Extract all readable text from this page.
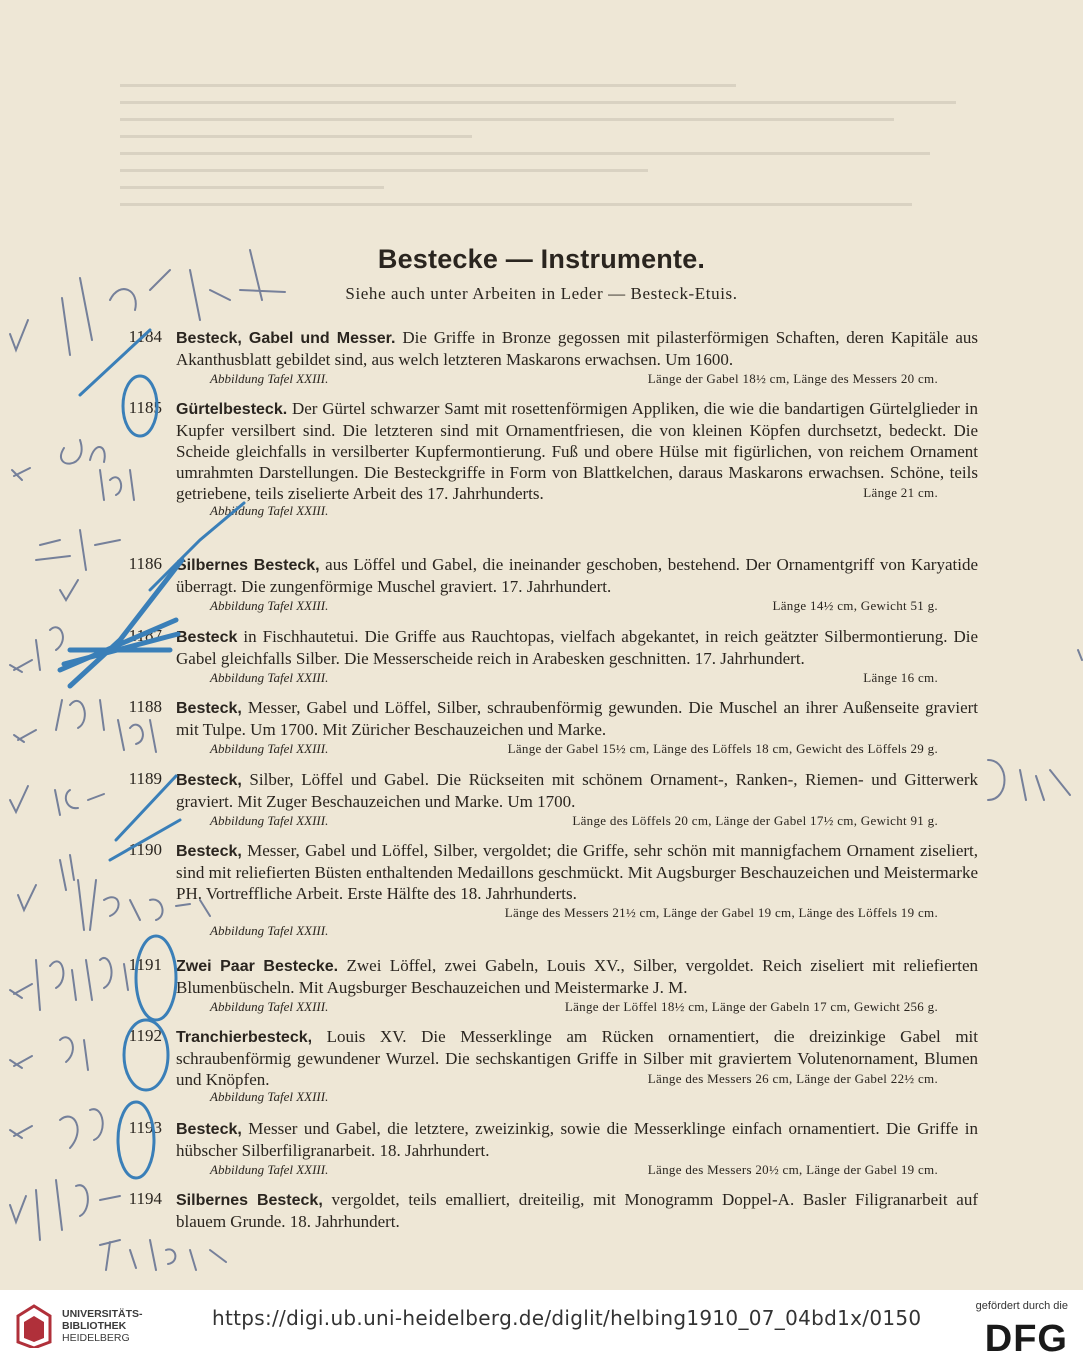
Bestecke — Instrumente.
Siehe auch unter Arbeiten in Leder — Besteck-Etuis.
1184 Besteck, Gabel und Messer. Die Griffe in Bronze gegossen mit pilasterförmigen Schaften, deren Kapitäle aus Akanthusblatt gebildet sind, aus welch letzteren Maskarons erwachsen. Um 1600.
Abbildung Tafel XXIII.	Länge der Gabel 18½ cm, Länge des Messers 20 cm.
1185 Gürtelbesteck. Der Gürtel schwarzer Samt mit rosettenförmigen Appliken, die wie die bandartigen Gürtelglieder in Kupfer versilbert sind. Die letzteren sind mit Ornamentfriesen, die von kleinen Köpfen durchsetzt, bedeckt. Die Scheide gleichfalls in versilberter Kupfermontierung. Fuß und obere Hülse mit figürlichen, von reichem Ornament umrahmten Darstellungen. Die Besteckgriffe in Form von Blattkelchen, daraus Maskarons erwachsen. Schöne, teils getriebene, teils ziselierte Arbeit des 17. Jahrhunderts.	Länge 21 cm.
Abbildung Tafel XXIII.
1186 Silbernes Besteck, aus Löffel und Gabel, die ineinander geschoben, bestehend. Der Ornamentgriff von Karyatide überragt. Die zungenförmige Muschel graviert. 17. Jahrhundert.
Abbildung Tafel XXIII.	Länge 14½ cm, Gewicht 51 g.
1187 Besteck in Fischhautetui. Die Griffe aus Rauchtopas, vielfach abgekantet, in reich geätzter Silbermontierung. Die Gabel gleichfalls Silber. Die Messerscheide reich in Arabesken geschnitten. 17. Jahrhundert.
Abbildung Tafel XXIII.	Länge 16 cm.
1188 Besteck, Messer, Gabel und Löffel, Silber, schraubenförmig gewunden. Die Muschel an ihrer Außenseite graviert mit Tulpe. Um 1700. Mit Züricher Beschauzeichen und Marke.
Abbildung Tafel XXIII.	Länge der Gabel 15½ cm, Länge des Löffels 18 cm, Gewicht des Löffels 29 g.
1189 Besteck, Silber, Löffel und Gabel. Die Rückseiten mit schönem Ornament-, Ranken-, Riemen- und Gitterwerk graviert. Mit Zuger Beschauzeichen und Marke. Um 1700.
Abbildung Tafel XXIII.	Länge des Löffels 20 cm, Länge der Gabel 17½ cm, Gewicht 91 g.
1190 Besteck, Messer, Gabel und Löffel, Silber, vergoldet; die Griffe, sehr schön mit mannigfachem Ornament ziseliert, sind mit reliefierten Büsten enthaltenden Medaillons geschmückt. Mit Augsburger Beschauzeichen und Meistermarke PH. Vortreffliche Arbeit. Erste Hälfte des 18. Jahrhunderts.
Länge des Messers 21½ cm, Länge der Gabel 19 cm, Länge des Löffels 19 cm.
Abbildung Tafel XXIII.
1191 Zwei Paar Bestecke. Zwei Löffel, zwei Gabeln, Louis XV., Silber, vergoldet. Reich ziseliert mit reliefierten Blumenbüscheln. Mit Augsburger Beschauzeichen und Meistermarke J. M.
Abbildung Tafel XXIII.	Länge der Löffel 18½ cm, Länge der Gabeln 17 cm, Gewicht 256 g.
1192 Tranchierbesteck, Louis XV. Die Messerklinge am Rücken ornamentiert, die dreizinkige Gabel mit schraubenförmig gewundener Wurzel. Die sechskantigen Griffe in Silber mit graviertem Volutenornament, Blumen und Knöpfen.	Länge des Messers 26 cm, Länge der Gabel 22½ cm.
Abbildung Tafel XXIII.
1193 Besteck, Messer und Gabel, die letztere, zweizinkig, sowie die Messerklinge einfach ornamentiert. Die Griffe in hübscher Silberfiligranarbeit. 18. Jahrhundert.
Abbildung Tafel XXIII.	Länge des Messers 20½ cm, Länge der Gabel 19 cm.
1194 Silbernes Besteck, vergoldet, teils emalliert, dreiteilig, mit Monogramm Doppel-A. Basler Filigranarbeit auf blauem Grunde. 18. Jahrhundert.
UNIVERSITÄTS-
BIBLIOTHEK
HEIDELBERG
https://digi.ub.uni-heidelberg.de/diglit/helbing1910_07_04bd1x/0150	gefördert durch die
DFG
